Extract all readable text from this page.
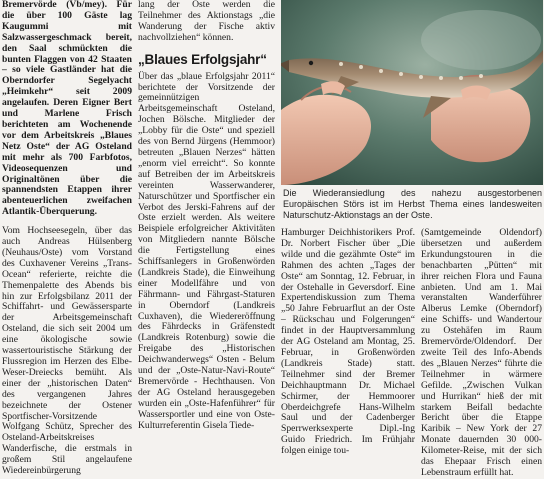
Bremervörde (Vb/mey). Für die über 100 Gäste lag Kaugummi mit Salzwassergeschmack bereit, den Saal schmückten die bunten Flaggen von 42 Staaten – so viele Gastländer hat die Oberndorfer Segelyacht „Heimkehr“ seit 2009 angelaufen. Deren Eigner Bert und Marlene Frisch berichteten am Wochenende vor dem Arbeitskreis „Blaues Netz Oste“ der AG Osteland mit mehr als 700 Farbfotos, Videosequenzen und Originaltönen über die spannendsten Etappen ihrer abenteuerlichen zweifachen Atlantik-Überquerung.

Vom Hochseesegeln, über das auch Andreas Hülsenberg (Neuhaus/Oste) vom Vorstand des Cuxhavener Vereins „Trans-Ocean“ referierte, reichte die Themenpalette des Abends bis hin zur Erfolgsbilanz 2011 der Schiffahrt- und Gewässersparte der Arbeitsgemeinschaft Osteland, die sich seit 2004 um eine ökologische sowie wassertouristische Stärkung der Flussregion im Herzen des Elbe-Weser-Dreiecks bemüht. Als einer der „historischen Daten“ des vergangenen Jahres bezeichnete der Ostener Sportfischer-Vorsitzende Wolfgang Schütz, Sprecher des Osteland-Arbeitskreises Wanderfische, die erstmals in großem Stil angelaufene Wiedereinbürgerung

lang der Oste werden die Teilnehmer des Aktionstags „die Wanderung der Fische aktiv nachvollziehen“ können.

„Blaues Erfolgsjahr“

Über das „blaue Erfolgsjahr 2011“ berichtete der Vorsitzende der gemeinnützigen Arbeitsgemeinschaft Osteland, Jochen Bölsche. Mitglieder der „Lobby für die Oste“ und speziell des von Bernd Jürgens (Hemmoor) betreuten „Blauen Nerzes“ hätten „enorm viel erreicht“. So konnte auf Betreiben der im Arbeitskreis vereinten Wasserwanderer, Naturschützer und Sportfischer ein Verbot des Jerski-Fahrens auf der Oste erzielt werden. Als weitere Beispiele erfolgreicher Aktivitäten von Mitgliedern nannte Bölsche die Fertigstellung eines Schiffsanlegers in Großenwörden (Landkreis Stade), die Einweihung einer Modellfähre und von Fährmann- und Fährgast-Staturen in Oberndorf (Landkreis Cuxhaven), die Wiedereröffnung des Fährdecks in Gräfenstedt (Landkreis Rotenburg) sowie die Freigabe des „Historischen Deichwanderwegs“ Osten - Belum und der „Oste-Natur-Navi-Route“ Bremervörde - Hechthausen. Von der AG Osteland herausgegeben wurden ein „Oste-Hafenführer“ für Wassersportler und eine von Oste-Kulturreferentin Gisela Tiede-

Die Wiederansiedlung des nahezu ausgestorbenen Europäischen Störs ist im Herbst Thema eines landesweiten Naturschutz-Aktionstags an der Oste.

Hamburger Deichhistorikers Prof. Dr. Norbert Fischer über „Die wilde und die gezähmte Oste“ im Rahmen des achten „Tages der Oste“ am Sonntag, 12. Februar, in der Ostehalle in Geversdorf. Eine Expertendiskussion zum Thema „50 Jahre Februarflut an der Oste – Rückschau und Folgerungen“ findet in der Hauptversammlung der AG Osteland am Montag, 25. Februar, in Großenwörden (Landkreis Stade) statt. Teilnehmer sind der Bremer Deichhauptmann Dr. Michael Schirmer, der Hemmoorer Oberdeichgrefe Hans-Wilhelm Saul und der Cadenberger Sperrwerksexperte Dipl.-Ing Guido Friedrich. Im Frühjahr folgen einige tou-

(Samtgemeinde Oldendorf) übersetzen und außerdem Erkundungstouren in die benachbarten „Pütten“ mit ihrer reichen Flora und Fauna anbieten. Und am 1. Mai veranstalten Wanderführer Alberus Lemke (Oberndorf) eine Schiffs- und Wandertour zu Ostehäfen im Raum Bremervörde/Oldendorf. Der zweite Teil des Info-Abends des „Blauen Nerzes“ führte die Teilnehmer in wärmere Gefilde. „Zwischen Vulkan und Hurrikan“ hieß der mit starkem Beifall bedachte Bericht über die Etappe Karibik – New York der 27 Monate dauernden 30 000-Kilometer-Reise, mit der sich das Ehepaar Frisch einen Lebenstraum erfüllt hat.
